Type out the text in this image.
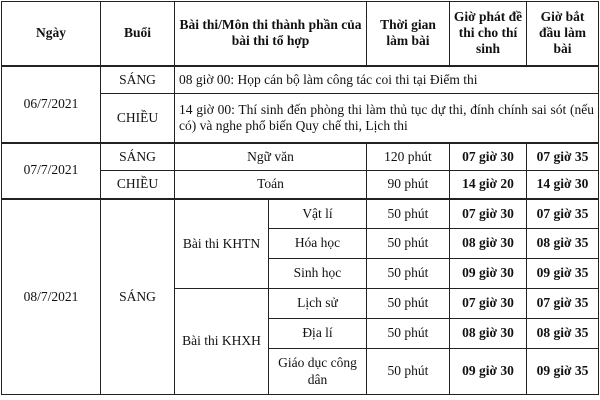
Ngày	Buổi	Bài thi/Môn thi thành phần của bài thi tổ hợp		Thời gian làm bài	Giờ phát đề thi cho thí sinh	Giờ bắt đầu làm bài
06/7/2021	SÁNG	08 giờ 00: Họp cán bộ làm công tác coi thi tại Điểm thi				
	CHIỀU	14 giờ 00: Thí sinh đến phòng thi làm thủ tục dự thi, đính chính sai sót (nếu có) và nghe phổ biến Quy chế thi, Lịch thi				
07/7/2021	SÁNG	Ngữ văn		120 phút	07 giờ 30	07 giờ 35
	CHIỀU	Toán		90 phút	14 giờ 20	14 giờ 30
08/7/2021	SÁNG	Bài thi KHTN	Vật lí	50 phút	07 giờ 30	07 giờ 35
			Hóa học	50 phút	08 giờ 30	08 giờ 35
			Sinh học	50 phút	09 giờ 30	09 giờ 35
		Bài thi KHXH	Lịch sử	50 phút	07 giờ 30	07 giờ 35
			Địa lí	50 phút	08 giờ 30	08 giờ 35
			Giáo dục công dân	50 phút	09 giờ 30	09 giờ 35
